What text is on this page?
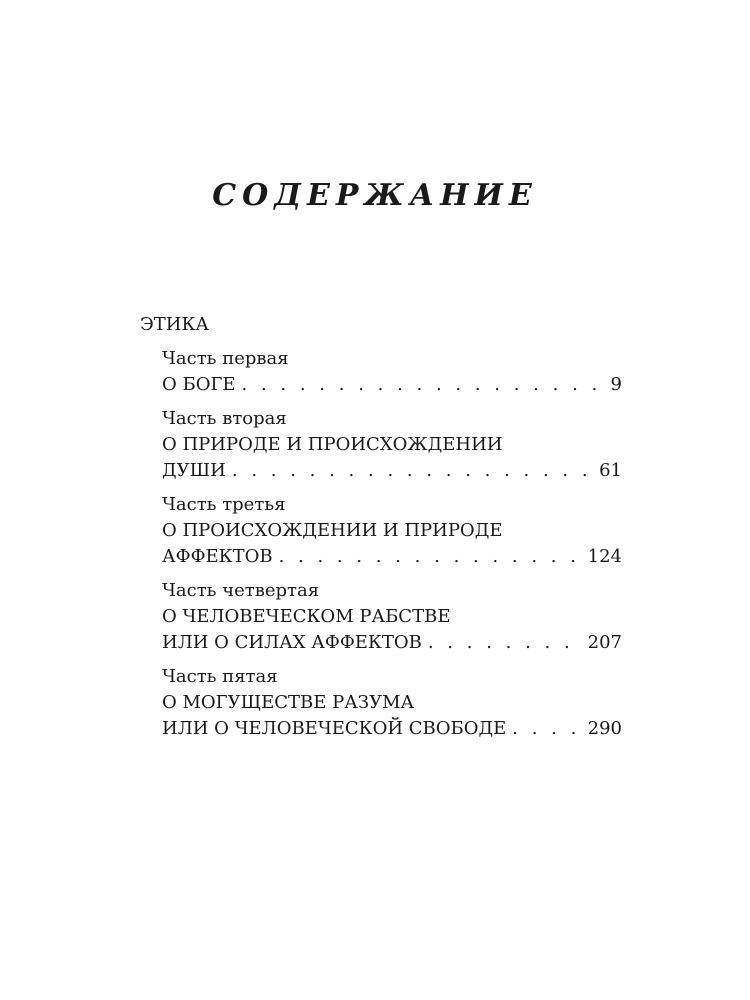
СОДЕРЖАНИЕ
ЭТИКА
Часть первая
О БОГЕ . . .	9
Часть вторая
О ПРИРОДЕ И ПРОИСХОЖДЕНИИ
ДУШИ . . .	61
Часть третья
О ПРОИСХОЖДЕНИИ И ПРИРОДЕ
АФФЕКТОВ . . .	124
Часть четвертая
О ЧЕЛОВЕЧЕСКОМ РАБСТВЕ
ИЛИ О СИЛАХ АФФЕКТОВ . . .	207
Часть пятая
О МОГУЩЕСТВЕ РАЗУМА
ИЛИ О ЧЕЛОВЕЧЕСКОЙ СВОБОДЕ . . .	290
